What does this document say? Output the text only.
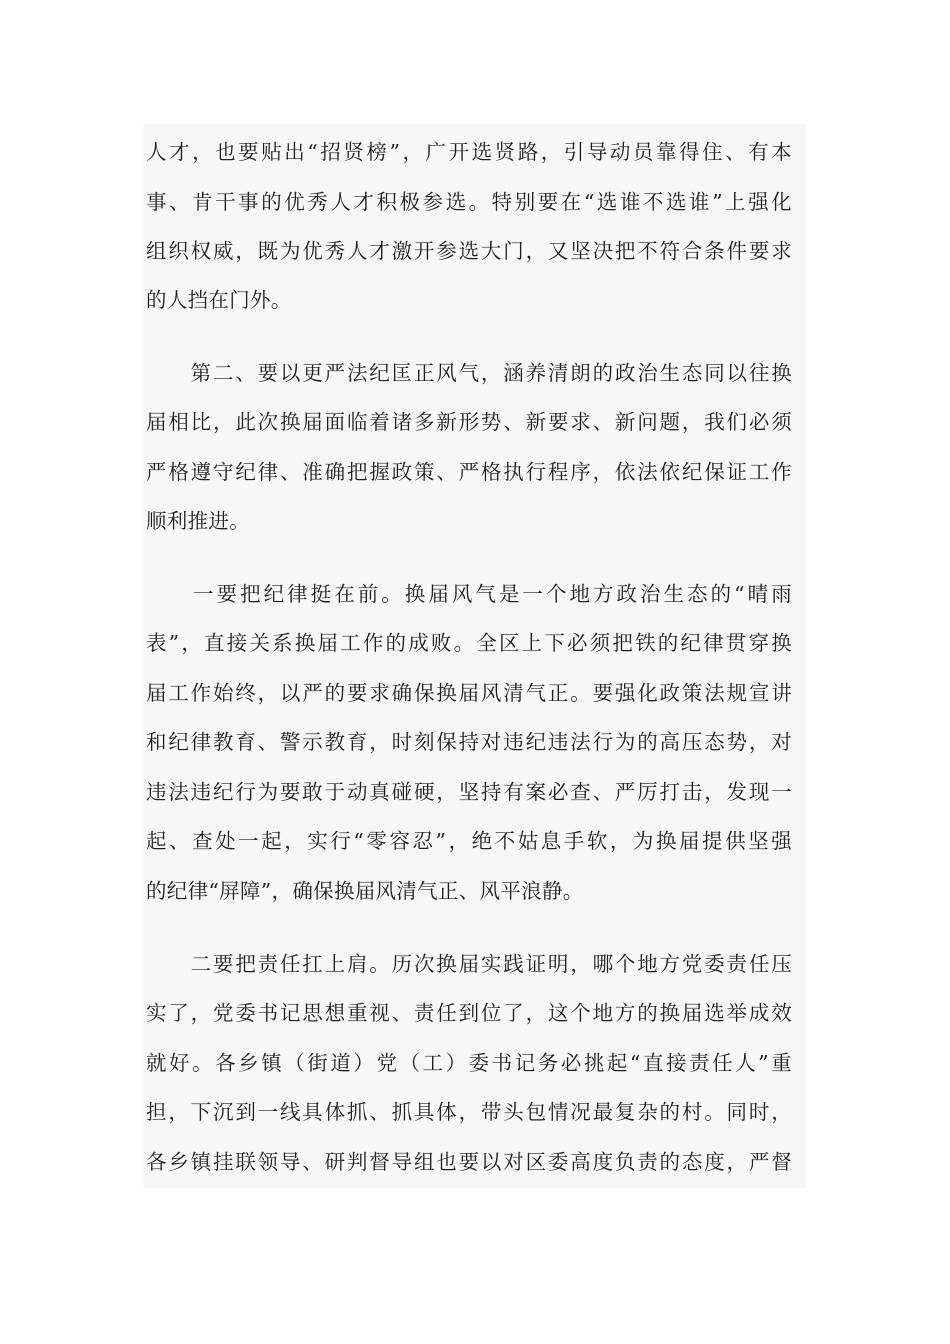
人才，也要贴出“招贤榜”，广开选贤路，引导动员靠得住、有本
事、肯干事的优秀人才积极参选。特别要在“选谁不选谁”上强化
组织权威，既为优秀人才激开参选大门，又坚决把不符合条件要求
的人挡在门外。
　　第二、要以更严法纪匡正风气，涵养清朗的政治生态同以往换
届相比，此次换届面临着诸多新形势、新要求、新问题，我们必须
严格遵守纪律、准确把握政策、严格执行程序，依法依纪保证工作
顺利推进。
　　一要把纪律挺在前。换届风气是一个地方政治生态的“晴雨
表”，直接关系换届工作的成败。全区上下必须把铁的纪律贯穿换
届工作始终，以严的要求确保换届风清气正。要强化政策法规宣讲
和纪律教育、警示教育，时刻保持对违纪违法行为的高压态势，对
违法违纪行为要敢于动真碰硬，坚持有案必查、严厉打击，发现一
起、查处一起，实行“零容忍”，绝不姑息手软，为换届提供坚强
的纪律“屏障”，确保换届风清气正、风平浪静。
　　二要把责任扛上肩。历次换届实践证明，哪个地方党委责任压
实了，党委书记思想重视、责任到位了，这个地方的换届选举成效
就好。各乡镇（街道）党（工）委书记务必挑起“直接责任人”重
担，下沉到一线具体抓、抓具体，带头包情况最复杂的村。同时，
各乡镇挂联领导、研判督导组也要以对区委高度负责的态度，严督
